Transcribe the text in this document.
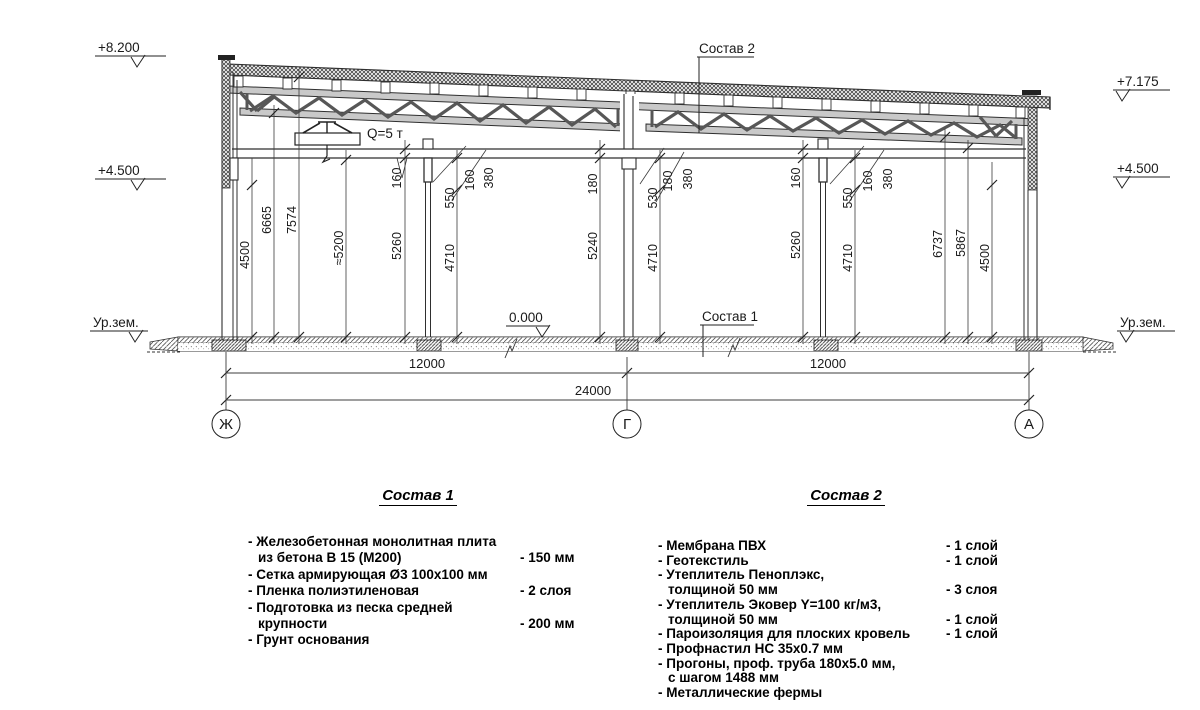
Q=5 т
4500
6665 7574
≈5200
160
5260
550
160 380
4710
180
5240
530
180 380
4710
160
5260
550
160 380
4710
6737 5867
4500
12000	12000
24000
Ж	Г	А
+8.200
+4.500
Ур.зем.	0.000
+7.175
+4.500
Ур.зем.
Состав 2
Состав 1
Состав 1	Состав 2
- Железобетонная монолитная плита
из бетона В 15 (М200)	- 150 мм
- Сетка армирующая Ø3 100х100 мм
- Пленка полиэтиленовая	- 2 слоя
- Подготовка из песка средней
крупности	- 200 мм
- Грунт основания
- Мембрана ПВХ	- 1 слой
- Геотекстиль	- 1 слой
- Утеплитель Пеноплэкс,
толщиной 50 мм	- 3 слоя
- Утеплитель Эковер Y=100 кг/м3,
толщиной 50 мм	- 1 слой
- Пароизоляция для плоских кровель	- 1 слой
- Профнастил НС 35х0.7 мм
- Прогоны, проф. труба 180х5.0 мм,
с шагом 1488 мм
- Металлические фермы
